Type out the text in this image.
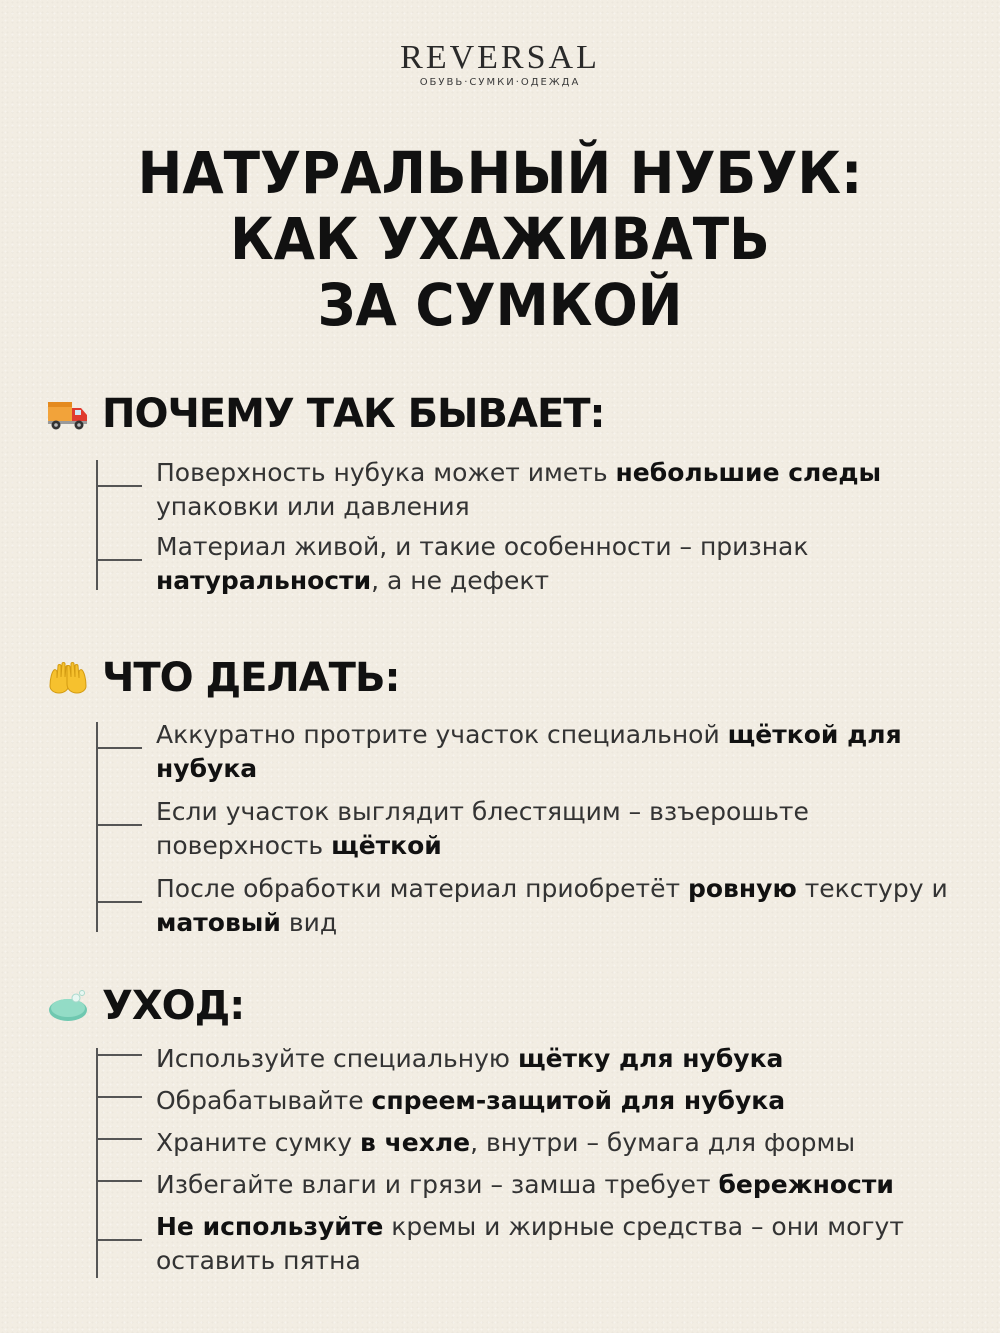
REVERSAL
ОБУВЬ·СУМКИ·ОДЕЖДА
НАТУРАЛЬНЫЙ НУБУК:
КАК УХАЖИВАТЬ
ЗА СУМКОЙ
ПОЧЕМУ ТАК БЫВАЕТ:
Поверхность нубука может иметь небольшие следы упаковки или давления
Материал живой, и такие особенности – признак натуральности, а не дефект
ЧТО ДЕЛАТЬ:
Аккуратно протрите участок специальной щёткой для нубука
Если участок выглядит блестящим – взъерошьте поверхность щёткой
После обработки материал приобретёт ровную текстуру и матовый вид
УХОД:
Используйте специальную щётку для нубука
Обрабатывайте спреем-защитой для нубука
Храните сумку в чехле, внутри – бумага для формы
Избегайте влаги и грязи – замша требует бережности
Не используйте кремы и жирные средства – они могут оставить пятна
